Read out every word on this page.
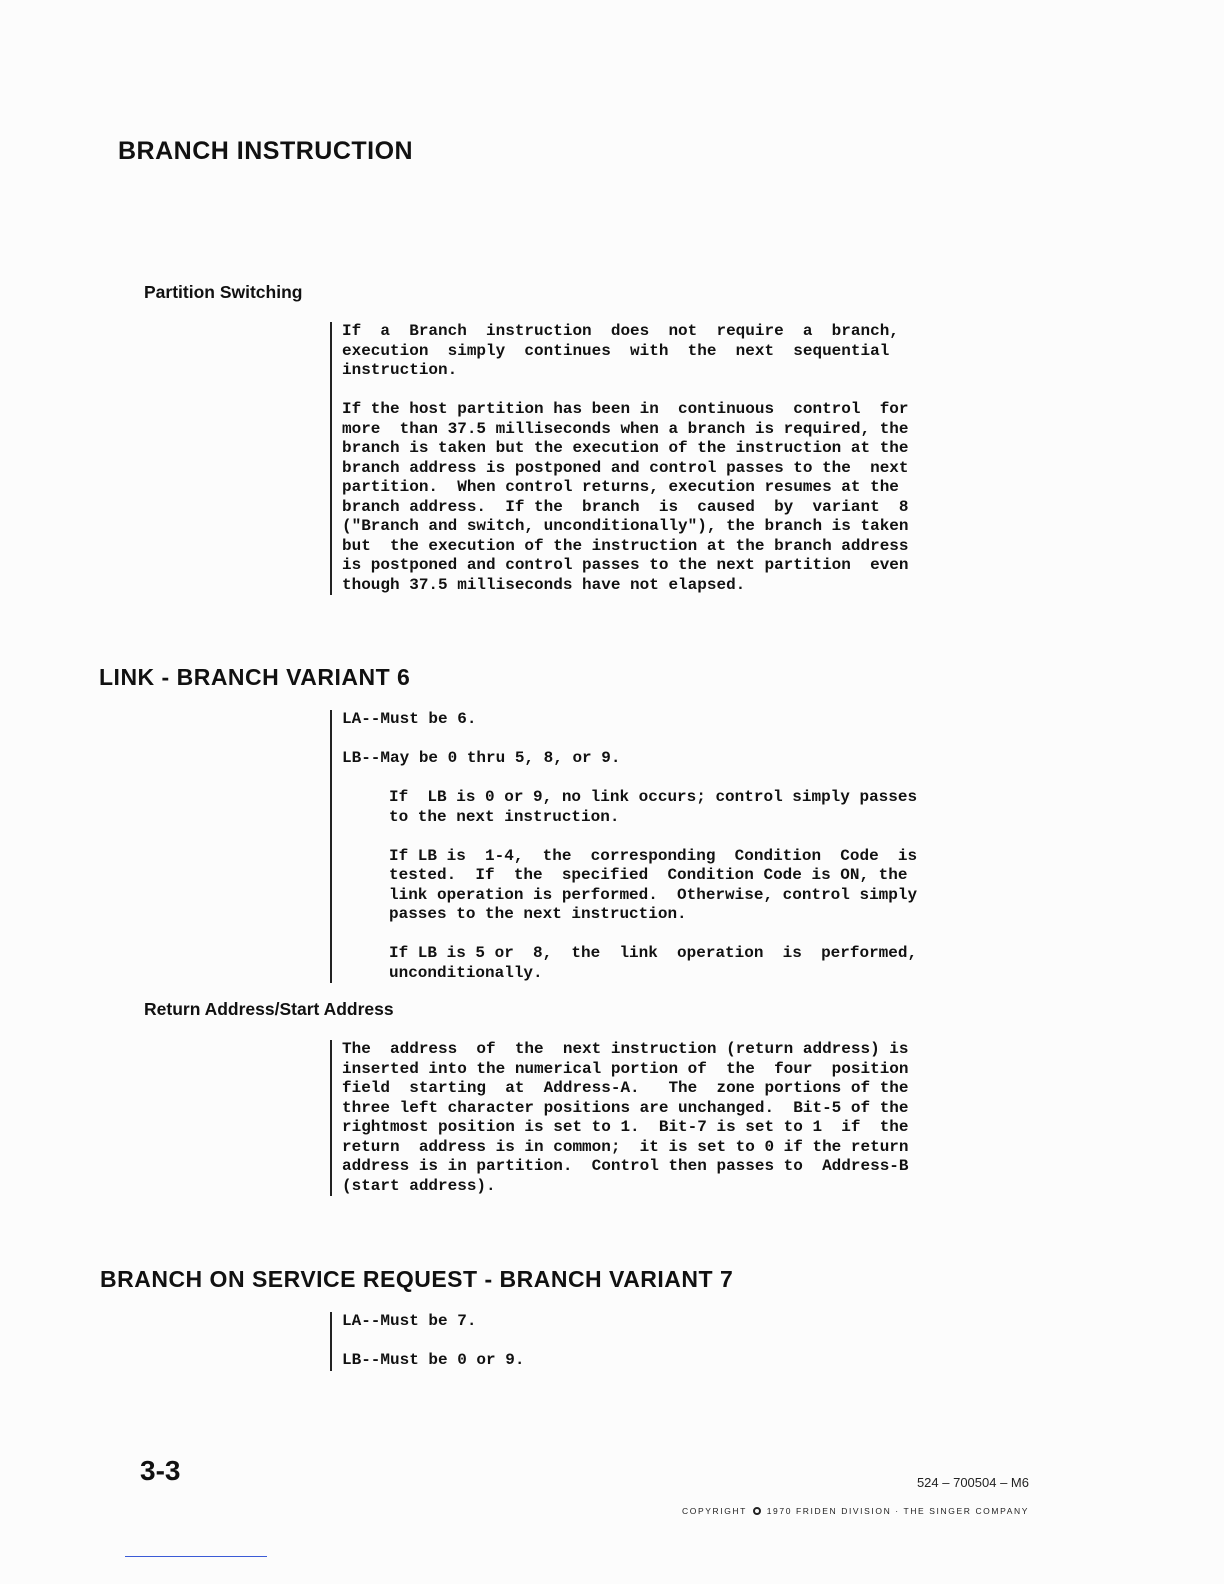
BRANCH INSTRUCTION
Partition Switching

If  a  Branch  instruction  does  not  require  a  branch,
execution  simply  continues  with  the  next  sequential
instruction.

If the host partition has been in  continuous  control  for
more  than 37.5 milliseconds when a branch is required, the
branch is taken but the execution of the instruction at the
branch address is postponed and control passes to the  next
partition.  When control returns, execution resumes at the
branch address.  If the  branch  is  caused  by  variant  8
("Branch and switch, unconditionally"), the branch is taken
but  the execution of the instruction at the branch address
is postponed and control passes to the next partition  even
though 37.5 milliseconds have not elapsed.

LINK - BRANCH VARIANT 6

LA--Must be 6.

LB--May be 0 thru 5, 8, or 9.

If  LB is 0 or 9, no link occurs; control simply passes
to the next instruction.

If LB is  1-4,  the  corresponding  Condition  Code  is
tested.  If  the  specified  Condition Code is ON, the
link operation is performed.  Otherwise, control simply
passes to the next instruction.

If LB is 5 or  8,  the  link  operation  is  performed,
unconditionally.

Return Address/Start Address

The  address  of  the  next instruction (return address) is
inserted into the numerical portion of  the  four  position
field  starting  at  Address-A.   The  zone portions of the
three left character positions are unchanged.  Bit-5 of the
rightmost position is set to 1.  Bit-7 is set to 1  if  the
return  address is in common;  it is set to 0 if the return
address is in partition.  Control then passes to  Address-B
(start address).

BRANCH ON SERVICE REQUEST - BRANCH VARIANT 7

LA--Must be 7.

LB--Must be 0 or 9.

3-3	524 – 700504 – M6
COPYRIGHT 1970 FRIDEN DIVISION · THE SINGER COMPANY
